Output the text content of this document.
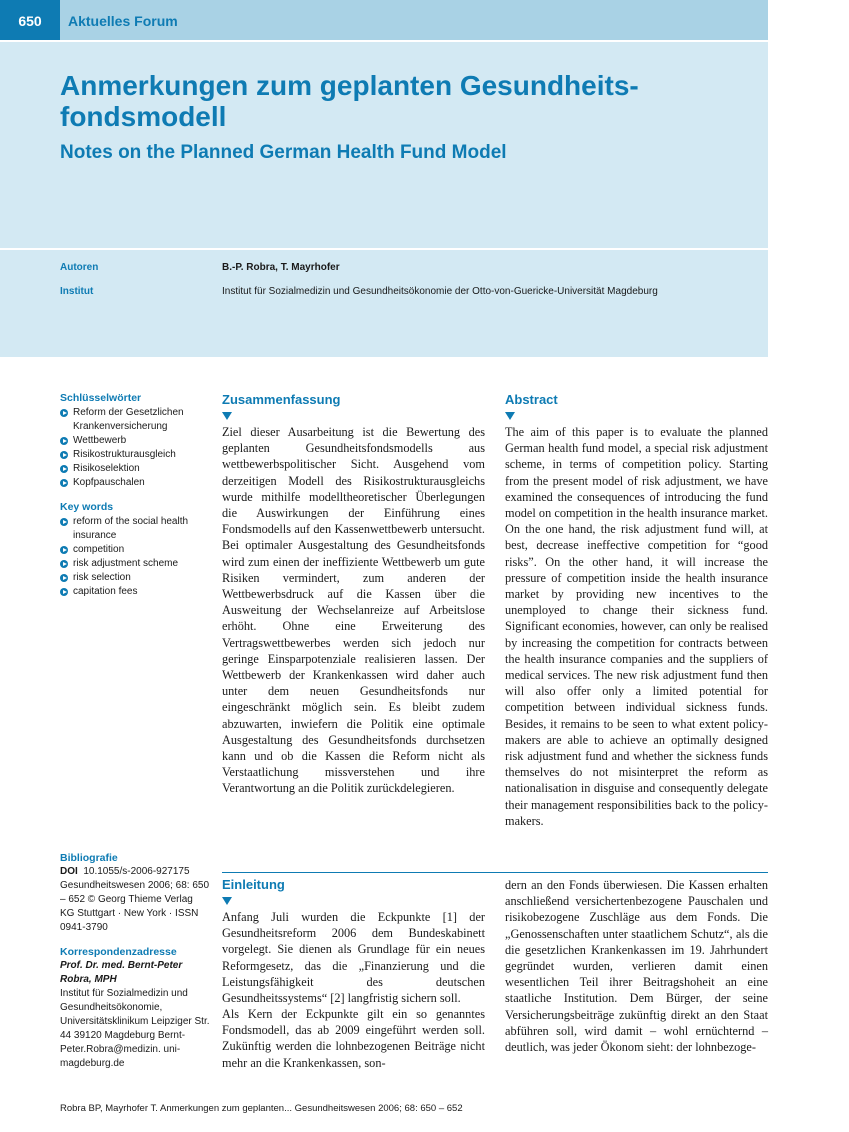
650	Aktuelles Forum
Anmerkungen zum geplanten Gesundheits-fondsmodell
Notes on the Planned German Health Fund Model
Autoren	B.-P. Robra, T. Mayrhofer
Institut	Institut für Sozialmedizin und Gesundheitsökonomie der Otto-von-Guericke-Universität Magdeburg
Schlüsselwörter
Reform der Gesetzlichen Krankenversicherung
Wettbewerb
Risikostrukturausgleich
Risikoselektion
Kopfpauschalen
Key words
reform of the social health insurance
competition
risk adjustment scheme
risk selection
capitation fees
Zusammenfassung

Ziel dieser Ausarbeitung ist die Bewertung des geplanten Gesundheitsfondsmodells aus wettbewerbspolitischer Sicht. Ausgehend vom derzeitigen Modell des Risikostrukturausgleichs wurde mithilfe modelltheoretischer Überlegungen die Auswirkungen der Einführung eines Fondsmodells auf den Kassenwettbewerb untersucht. Bei optimaler Ausgestaltung des Gesundheitsfonds wird zum einen der ineffiziente Wettbewerb um gute Risiken vermindert, zum anderen der Wettbewerbsdruck auf die Kassen über die Ausweitung der Wechselanreize auf Arbeitslose erhöht. Ohne eine Erweiterung des Vertragswettbewerbes werden sich jedoch nur geringe Einsparpotenziale realisieren lassen. Der Wettbewerb der Krankenkassen wird daher auch unter dem neuen Gesundheitsfonds nur eingeschränkt möglich sein. Es bleibt zudem abzuwarten, inwiefern die Politik eine optimale Ausgestaltung des Gesundheitsfonds durchsetzen kann und ob die Kassen die Reform nicht als Verstaatlichung missverstehen und ihre Verantwortung an die Politik zurückdelegieren.

Abstract

The aim of this paper is to evaluate the planned German health fund model, a special risk adjustment scheme, in terms of competition policy. Starting from the present model of risk adjustment, we have examined the consequences of introducing the fund model on competition in the health insurance market. On the one hand, the risk adjustment fund will, at best, decrease ineffective competition for “good risks”. On the other hand, it will increase the pressure of competition inside the health insurance market by providing new incentives to the unemployed to change their sickness fund. Significant economies, however, can only be realised by increasing the competition for contracts between the health insurance companies and the suppliers of medical services. The new risk adjustment fund then will also offer only a limited potential for competition between individual sickness funds. Besides, it remains to be seen to what extent policy-makers are able to achieve an optimally designed risk adjustment fund and whether the sickness funds themselves do not misinterpret the reform as nationalisation in disguise and consequently delegate their management responsibilities back to the policy-makers.

Bibliografie
DOI 10.1055/s-2006-927175
Gesundheitswesen 2006; 68: 650 – 652 © Georg Thieme Verlag KG Stuttgart · New York · ISSN 0941-3790
Korrespondenzadresse
Prof. Dr. med. Bernt-Peter Robra, MPH
Institut für Sozialmedizin und Gesundheitsökonomie, Universitätsklinikum Leipziger Str. 44 39120 Magdeburg Bernt-Peter.Robra@medizin. uni-magdeburg.de
Einleitung

Anfang Juli wurden die Eckpunkte [1] der Gesundheitsreform 2006 dem Bundeskabinett vorgelegt. Sie dienen als Grundlage für ein neues Reformgesetz, das die „Finanzierung und die Leistungsfähigkeit des deutschen Gesundheitssystems“ [2] langfristig sichern soll.

Als Kern der Eckpunkte gilt ein so genanntes Fondsmodell, das ab 2009 eingeführt werden soll. Zukünftig werden die lohnbezogenen Beiträge nicht mehr an die Krankenkassen, son-

dern an den Fonds überwiesen. Die Kassen erhalten anschließend versichertenbezogene Pauschalen und risikobezogene Zuschläge aus dem Fonds. Die „Genossenschaften unter staatlichem Schutz“, als die die gesetzlichen Krankenkassen im 19. Jahrhundert gegründet wurden, verlieren damit einen wesentlichen Teil ihrer Beitragshoheit an eine staatliche Institution. Dem Bürger, der seine Versicherungsbeiträge zukünftig direkt an den Staat abführen soll, wird damit – wohl ernüchternd – deutlich, was jeder Ökonom sieht: der lohnbezoge-

Robra BP, Mayrhofer T. Anmerkungen zum geplanten... Gesundheitswesen 2006; 68: 650 – 652
